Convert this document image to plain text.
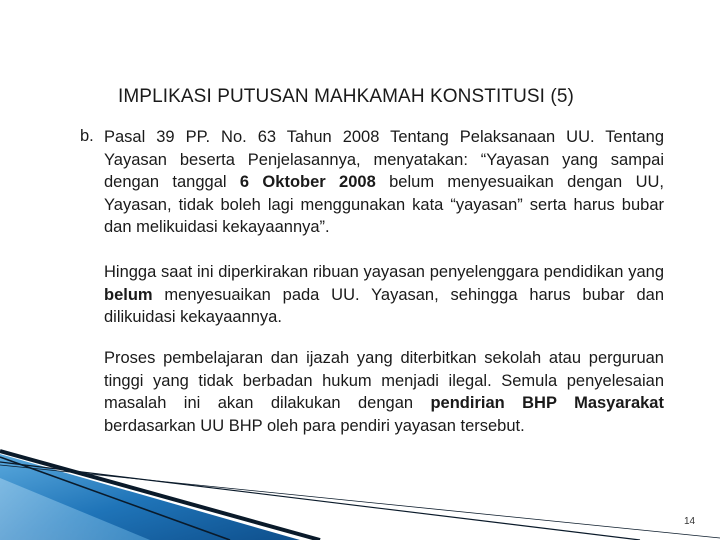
IMPLIKASI PUTUSAN MAHKAMAH KONSTITUSI (5)
b. Pasal 39 PP. No. 63 Tahun 2008 Tentang Pelaksanaan UU. Tentang Yayasan beserta Penjelasannya, menyatakan: “Yayasan yang sampai dengan tanggal 6 Oktober 2008 belum menyesuaikan dengan UU, Yayasan, tidak boleh lagi menggunakan kata “yayasan” serta harus bubar dan melikuidasi kekayaannya”.
Hingga saat ini diperkirakan ribuan yayasan penyelenggara pendidikan yang belum menyesuaikan pada UU. Yayasan, sehingga harus bubar dan dilikuidasi kekayaannya.
Proses pembelajaran dan ijazah yang diterbitkan sekolah atau perguruan tinggi yang tidak berbadan hukum menjadi ilegal. Semula penyelesaian masalah ini akan dilakukan dengan pendirian BHP Masyarakat berdasarkan UU BHP oleh para pendiri yayasan tersebut.
14
